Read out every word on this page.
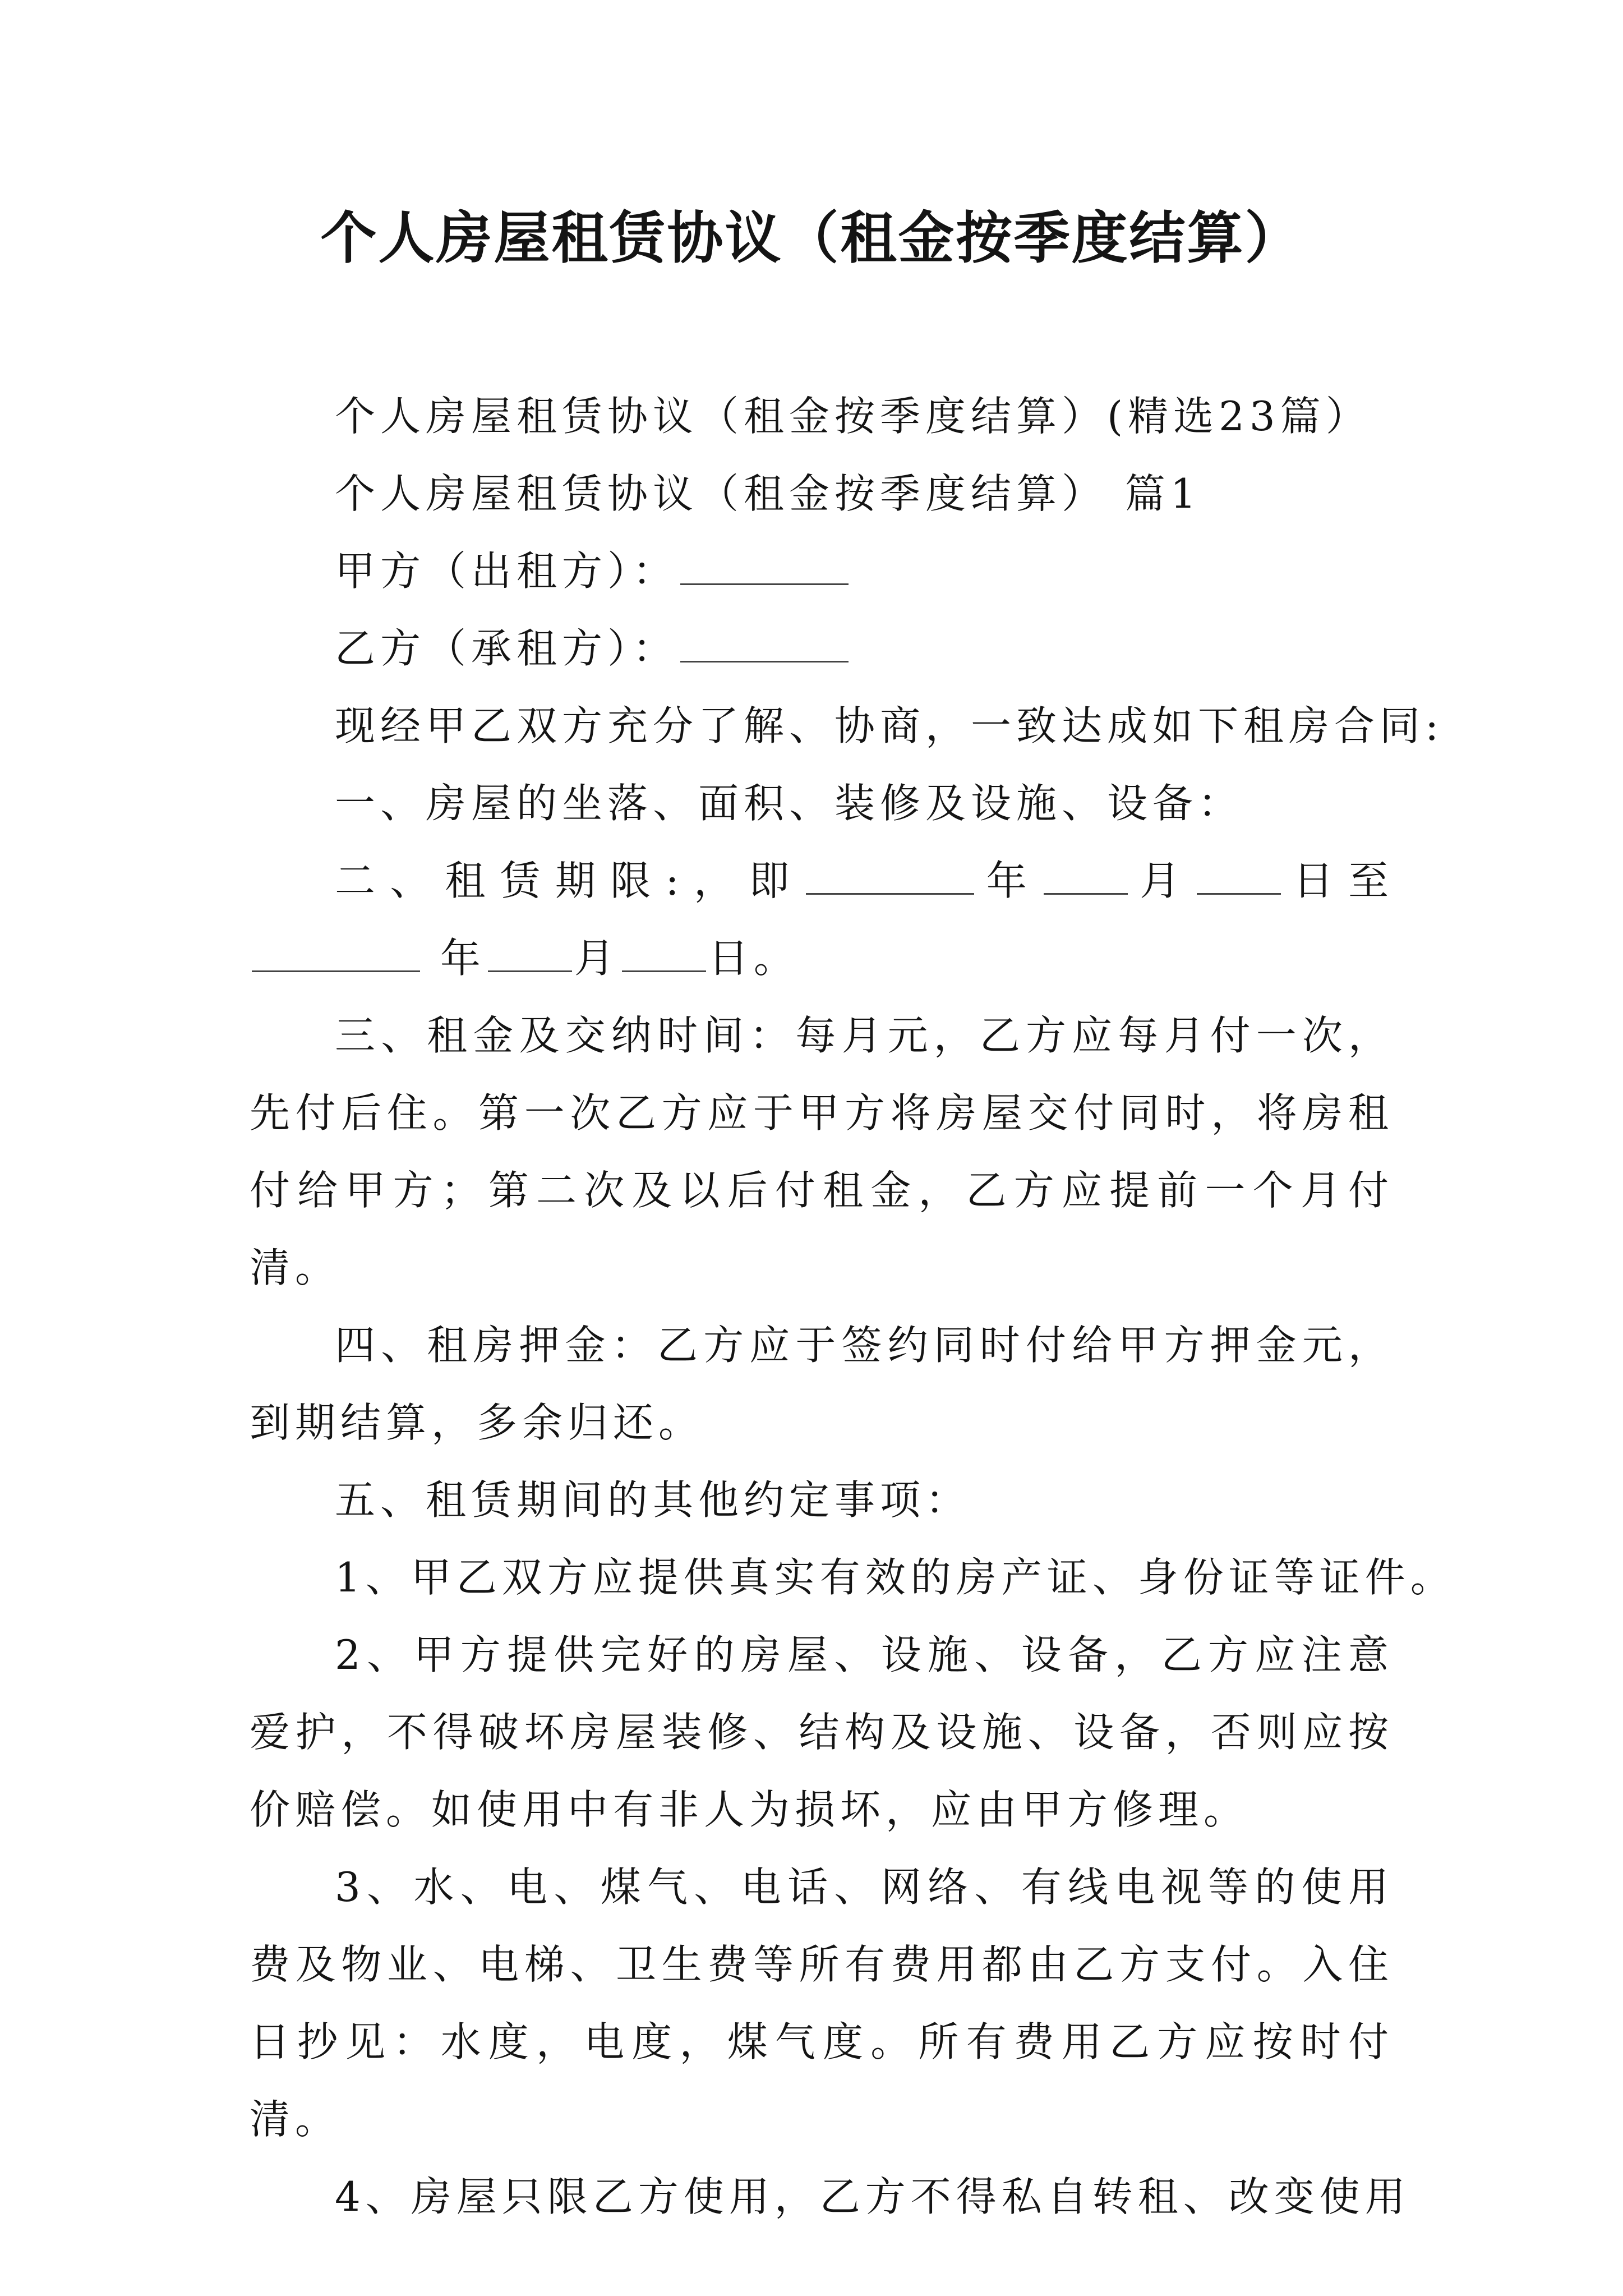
个人房屋租赁协议（租金按季度结算）

个人房屋租赁协议（租金按季度结算）(精选23篇）

个人房屋租赁协议（租金按季度结算） 篇1

甲方（出租方）：

乙方（承租方）：

现经甲乙双方充分了解、协商，一致达成如下租房合同:

一、房屋的坐落、面积、装修及设施、设备：

二、租赁期限:，即	年 月 日至 年 月 日。

三、租金及交纳时间：每月元，乙方应每月付一次，先付后住。第一次乙方应于甲方将房屋交付同时，将房租付给甲方；第二次及以后付租金，乙方应提前一个月付清。

四、租房押金：乙方应于签约同时付给甲方押金元，到期结算，多余归还。

五、租赁期间的其他约定事项：

1、甲乙双方应提供真实有效的房产证、身份证等证件。

2、甲方提供完好的房屋、设施、设备，乙方应注意爱护，不得破坏房屋装修、结构及设施、设备，否则应按价赔偿。如使用中有非人为损坏，应由甲方修理。

3、水、电、煤气、电话、网络、有线电视等的使用费及物业、电梯、卫生费等所有费用都由乙方支付。入住日抄见：水度，电度，煤气度。所有费用乙方应按时付清。

4、房屋只限乙方使用，乙方不得私自转租、改变使用
